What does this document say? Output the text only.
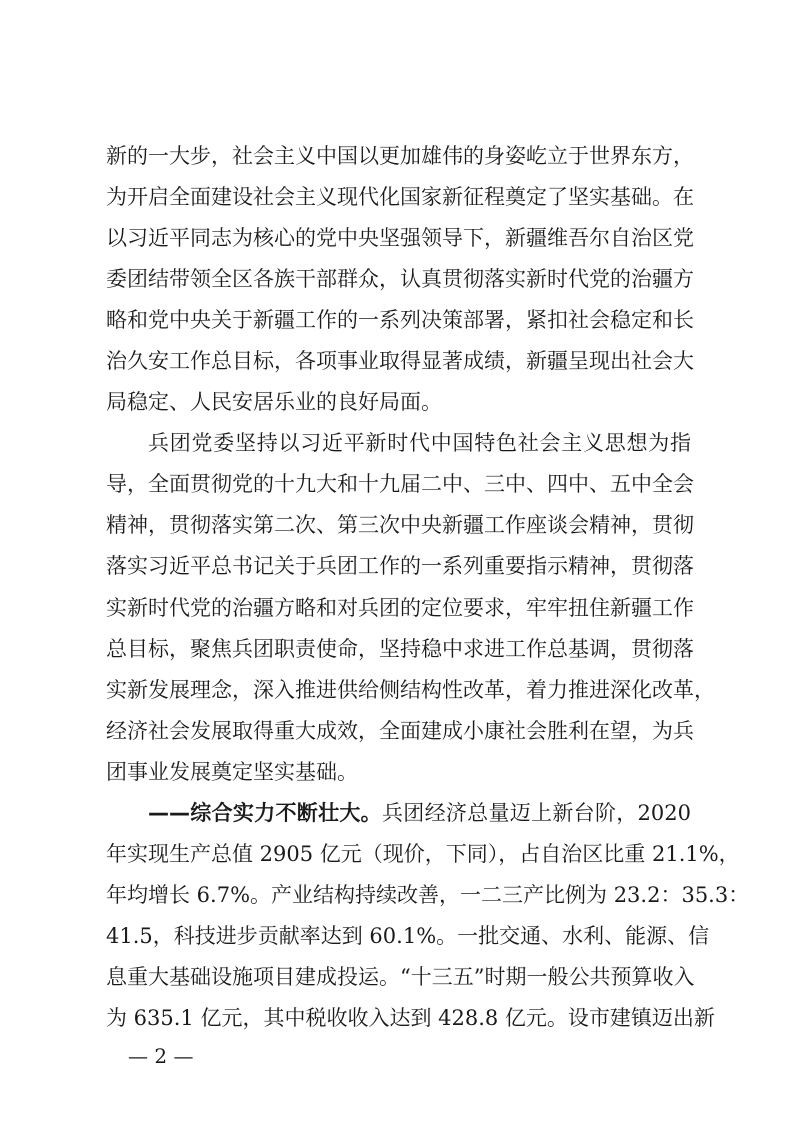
新的一大步，社会主义中国以更加雄伟的身姿屹立于世界东方，
为开启全面建设社会主义现代化国家新征程奠定了坚实基础。在
以习近平同志为核心的党中央坚强领导下，新疆维吾尔自治区党
委团结带领全区各族干部群众，认真贯彻落实新时代党的治疆方
略和党中央关于新疆工作的一系列决策部署，紧扣社会稳定和长
治久安工作总目标，各项事业取得显著成绩，新疆呈现出社会大
局稳定、人民安居乐业的良好局面。
兵团党委坚持以习近平新时代中国特色社会主义思想为指
导，全面贯彻党的十九大和十九届二中、三中、四中、五中全会
精神，贯彻落实第二次、第三次中央新疆工作座谈会精神，贯彻
落实习近平总书记关于兵团工作的一系列重要指示精神，贯彻落
实新时代党的治疆方略和对兵团的定位要求，牢牢扭住新疆工作
总目标，聚焦兵团职责使命，坚持稳中求进工作总基调，贯彻落
实新发展理念，深入推进供给侧结构性改革，着力推进深化改革，
经济社会发展取得重大成效，全面建成小康社会胜利在望，为兵
团事业发展奠定坚实基础。
——综合实力不断壮大。兵团经济总量迈上新台阶，2020
年实现生产总值 2905 亿元（现价，下同），占自治区比重 21.1%，
年均增长 6.7%。产业结构持续改善，一二三产比例为 23.2：35.3：
41.5，科技进步贡献率达到 60.1%。一批交通、水利、能源、信
息重大基础设施项目建成投运。“十三五”时期一般公共预算收入
为 635.1 亿元，其中税收收入达到 428.8 亿元。设市建镇迈出新
— 2 —
